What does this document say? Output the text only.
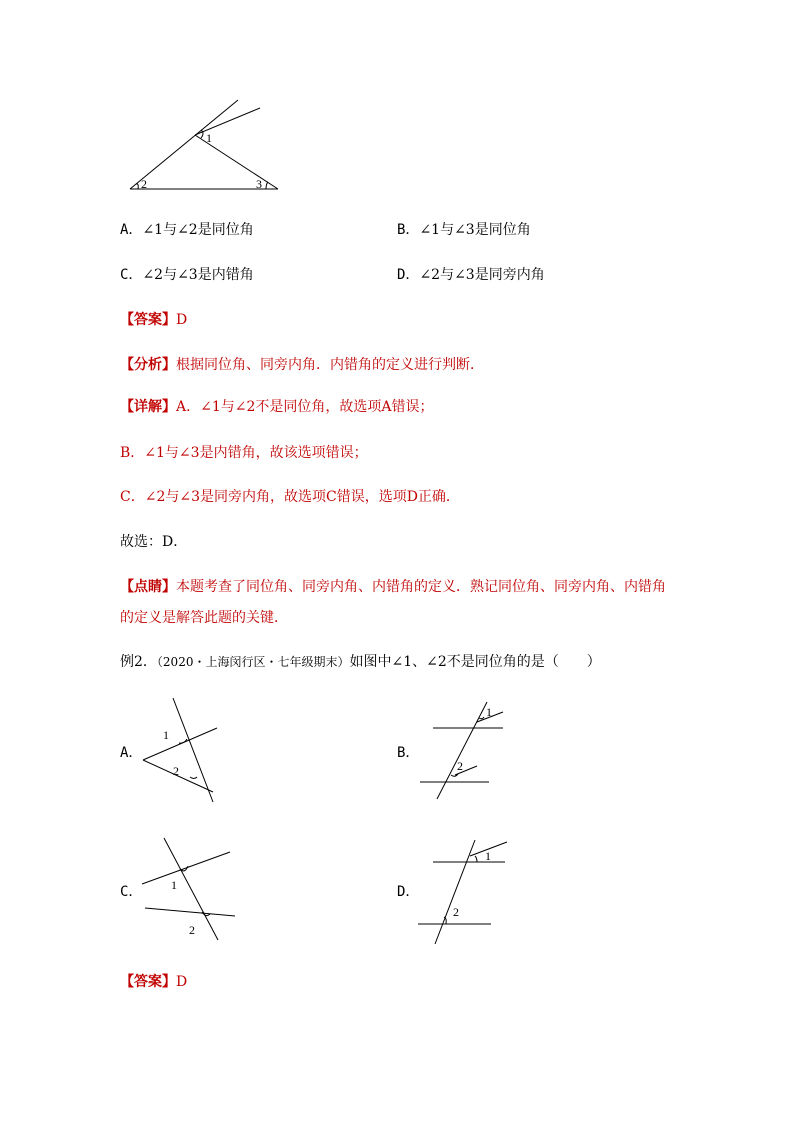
1
2	3
A．∠1与∠2是同位角	B．∠1与∠3是同位角
C．∠2与∠3是内错角	D．∠2与∠3是同旁内角
【答案】D
【分析】根据同位角、同旁内角．内错角的定义进行判断．
【详解】A．∠1与∠2不是同位角，故选项A错误；
B．∠1与∠3是内错角，故该选项错误；
C．∠2与∠3是同旁内角，故选项C错误，选项D正确．
故选：D．
【点睛】本题考查了同位角、同旁内角、内错角的定义．熟记同位角、同旁内角、内错角
的定义是解答此题的关键．
例2．（2020・上海闵行区・七年级期末）如图中∠1、∠2不是同位角的是（　　）
A．
1
2
B．
1
2
C． 1
2
D．
1
2
【答案】D
